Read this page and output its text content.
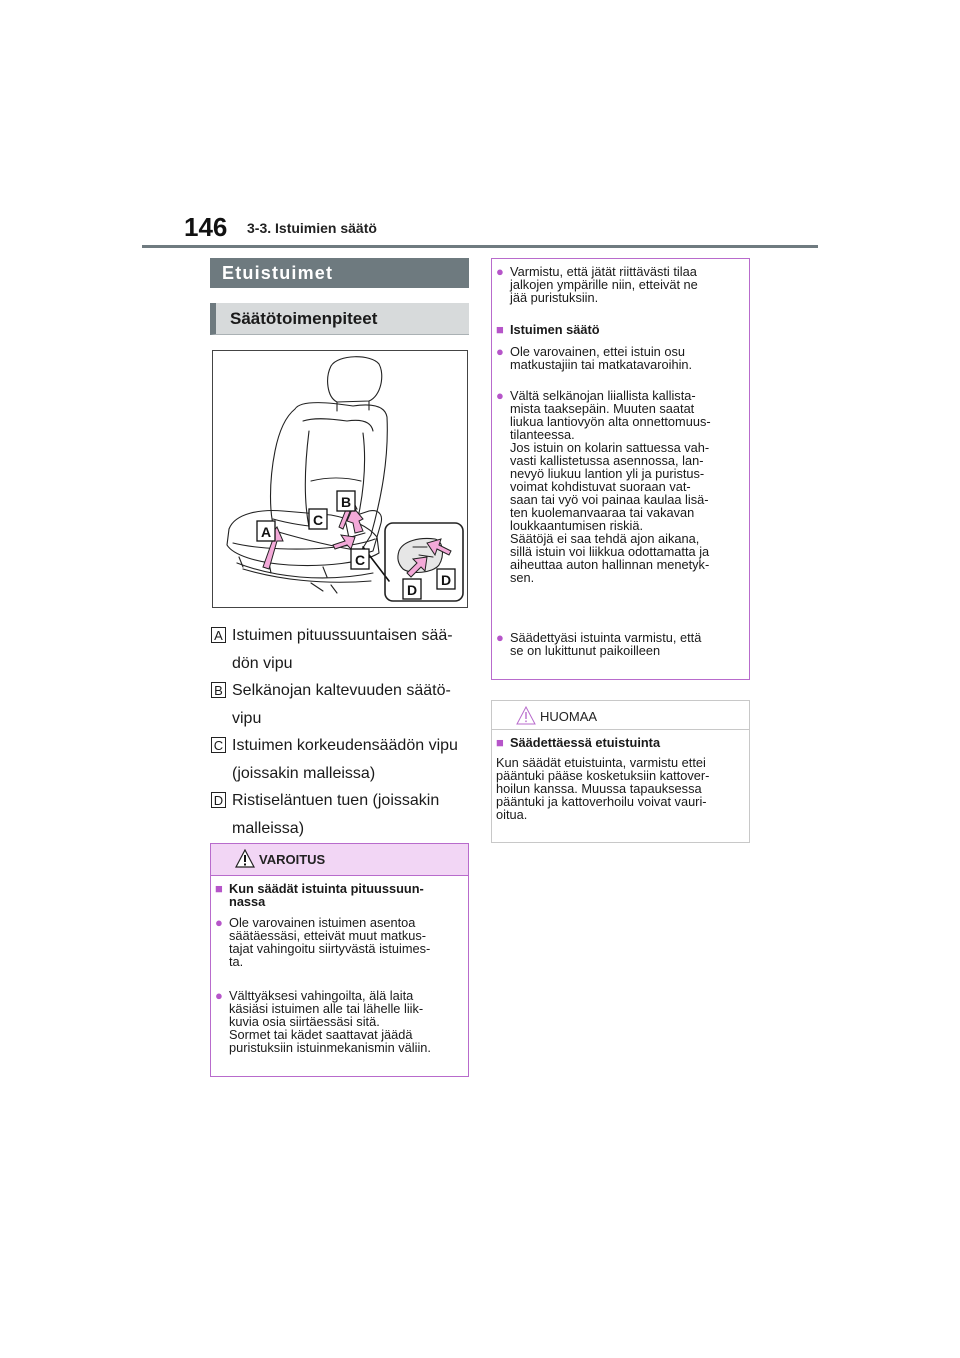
146 3-3. Istuimien säätö
Etuistuimet
Säätötoimenpiteet
A
B
C
C
D
D
A Istuimen pituussuuntaisen sää-
dön vipu
B Selkänojan kaltevuuden säätö-
vipu
C Istuimen korkeudensäädön vipu
(joissakin malleissa)
D Ristiseläntuen tuen (joissakin
malleissa)
VAROITUS
■ Kun säädät istuinta pituussuun-
nassa
● Ole varovainen istuimen asentoa
säätäessäsi, etteivät muut matkus-
tajat vahingoitu siirtyvästä istuimes-
ta.
● Välttyäksesi vahingoilta, älä laita
käsiäsi istuimen alle tai lähelle liik-
kuvia osia siirtäessäsi sitä.
Sormet tai kädet saattavat jäädä
puristuksiin istuinmekanismin väliin.
● Varmistu, että jätät riittävästi tilaa
jalkojen ympärille niin, etteivät ne
jää puristuksiin.
■ Istuimen säätö
● Ole varovainen, ettei istuin osu
matkustajiin tai matkatavaroihin.
● Vältä selkänojan liiallista kallista-
mista taaksepäin. Muuten saatat
liukua lantiovyön alta onnettomuus-
tilanteessa.
Jos istuin on kolarin sattuessa vah-
vasti kallistetussa asennossa, lan-
nevyö liukuu lantion yli ja puristus-
voimat kohdistuvat suoraan vat-
saan tai vyö voi painaa kaulaa lisä-
ten kuolemanvaaraa tai vakavan
loukkaantumisen riskiä.
Säätöjä ei saa tehdä ajon aikana,
sillä istuin voi liikkua odottamatta ja
aiheuttaa auton hallinnan menetyk-
sen.
● Säädettyäsi istuinta varmistu, että
se on lukittunut paikoilleen
HUOMAA
■ Säädettäessä etuistuinta
Kun säädät etuistuinta, varmistu ettei
pääntuki pääse kosketuksiin kattover-
hoilun kanssa. Muussa tapauksessa
pääntuki ja kattoverhoilu voivat vauri-
oitua.
